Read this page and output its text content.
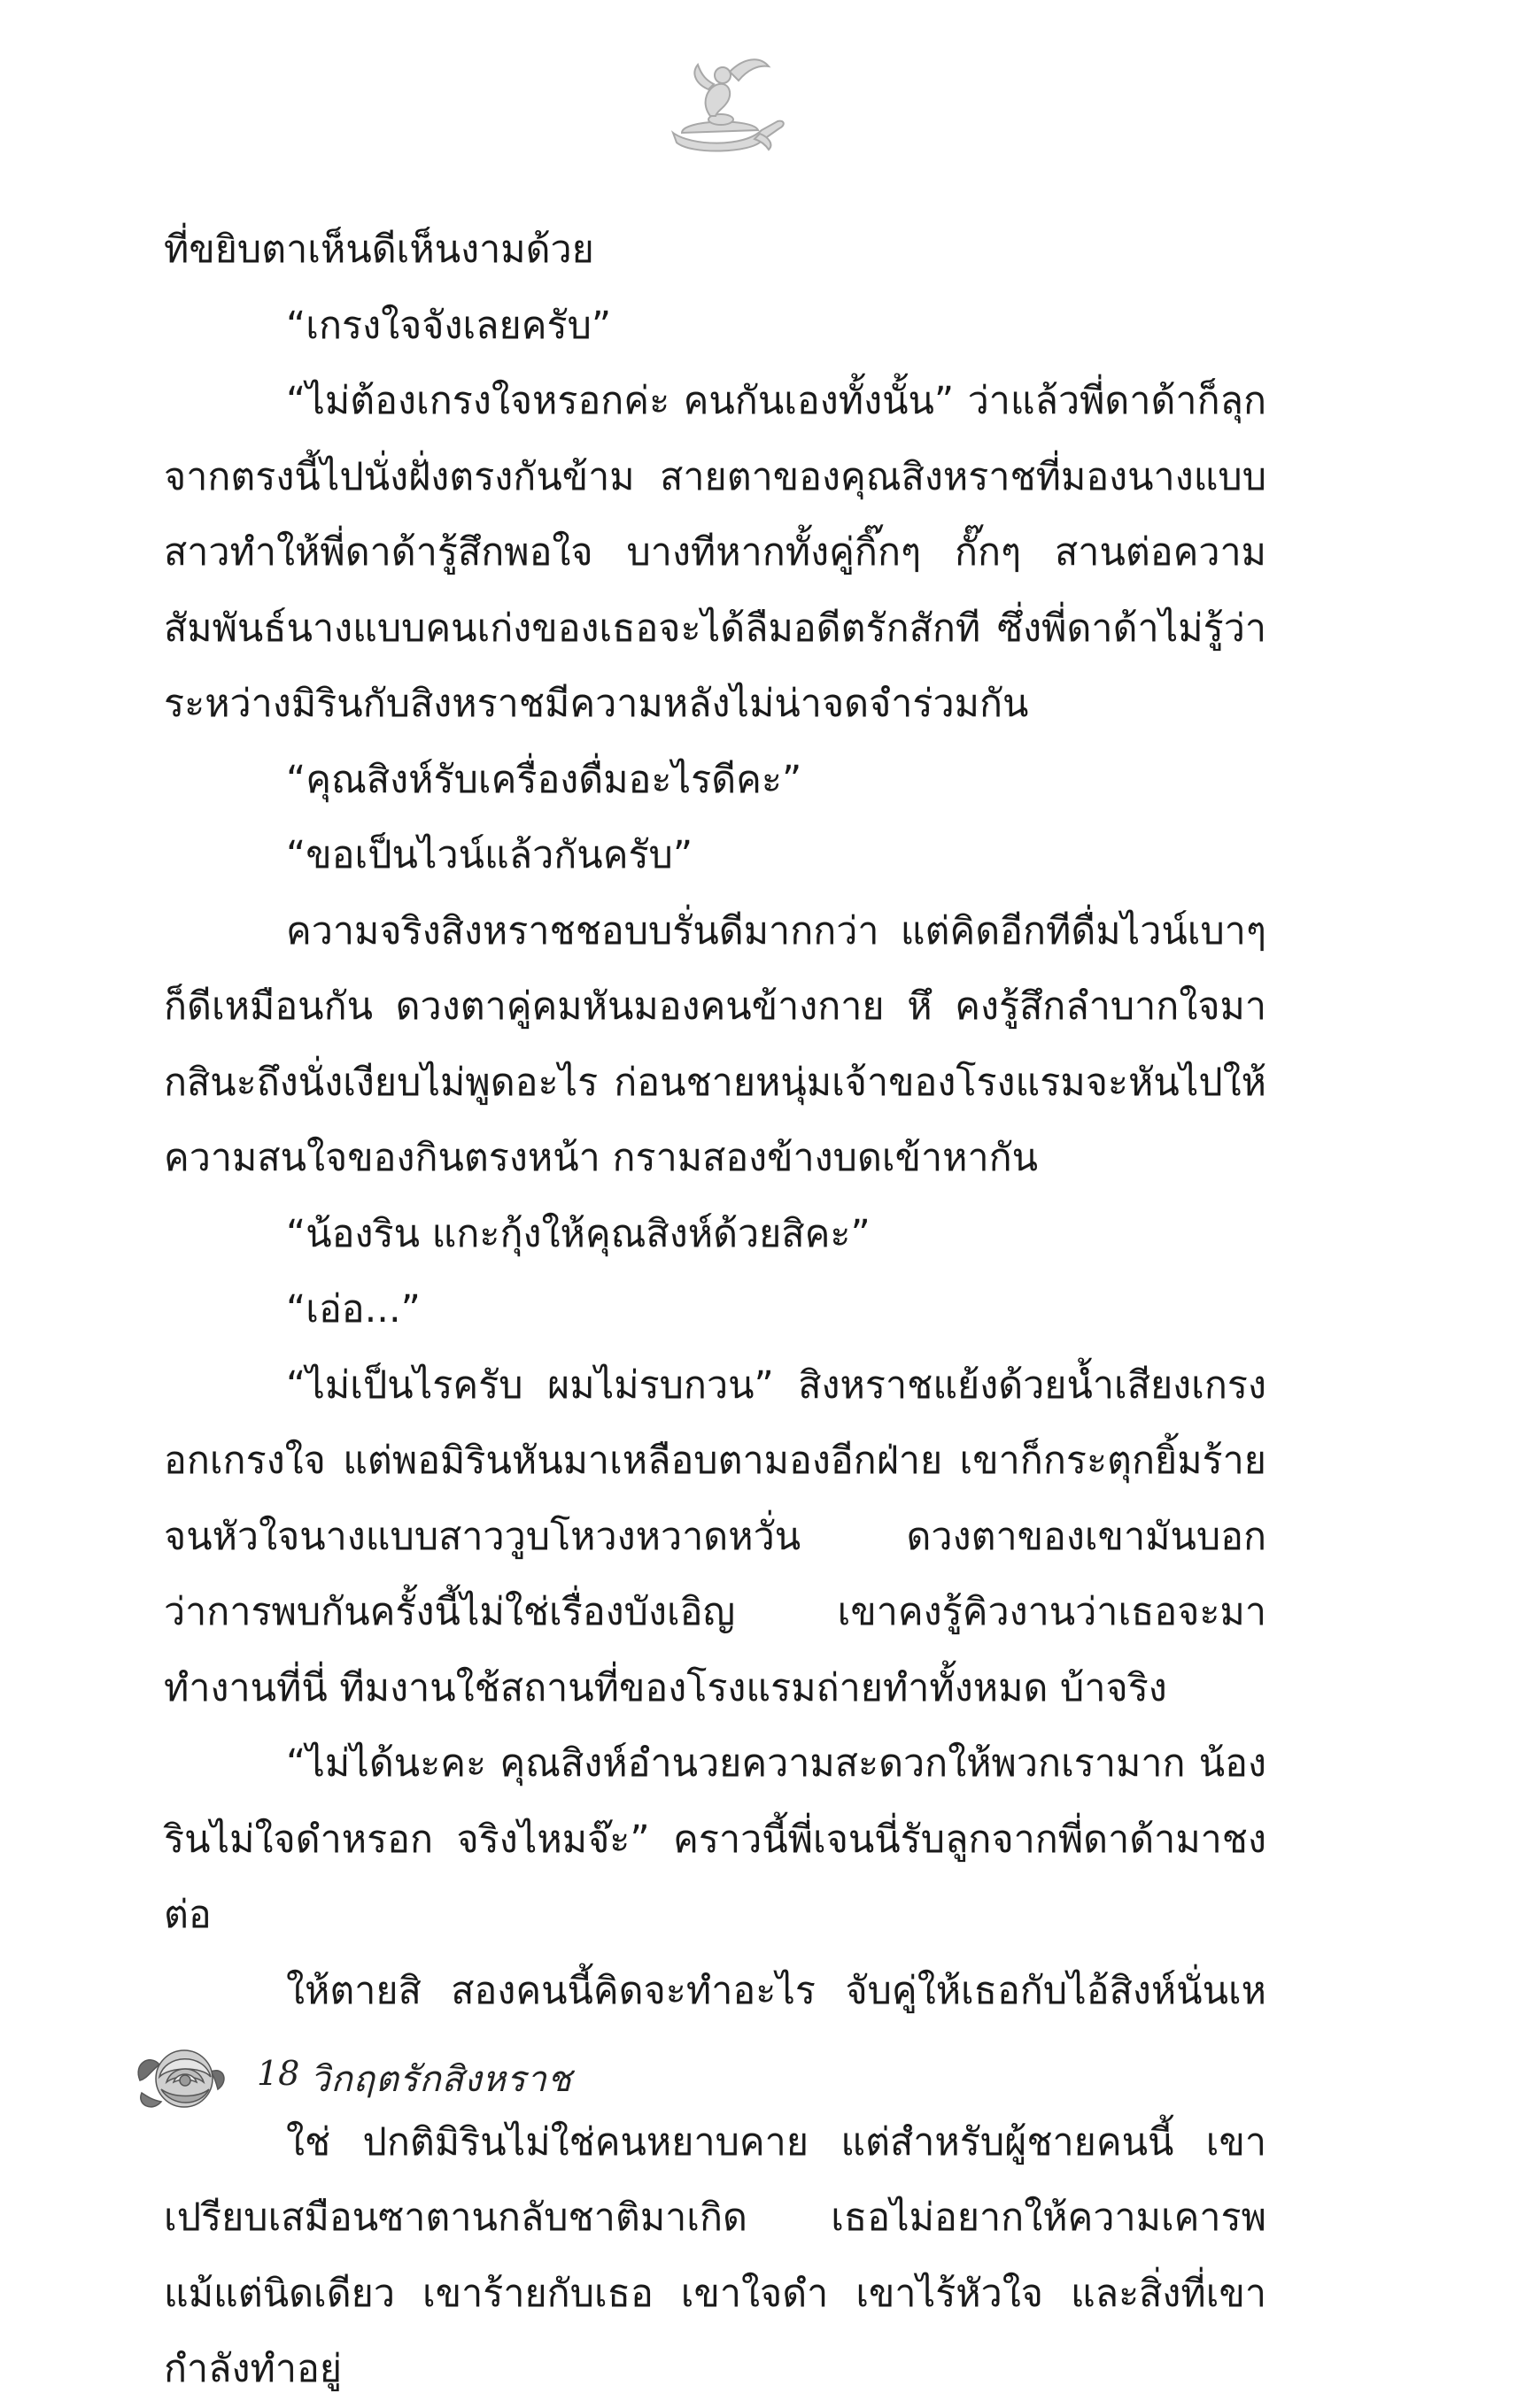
ที่ขยิบตาเห็นดีเห็นงามด้วย

“เกรงใจจังเลยครับ”

“ไม่ต้องเกรงใจหรอกค่ะ คนกันเองทั้งนั้น” ว่าแล้วพี่ดาด้าก็ลุกจากตรงนี้ไปนั่งฝั่งตรงกันข้าม สายตาของคุณสิงหราชที่มองนางแบบสาวทำให้พี่ดาด้ารู้สึกพอใจ บางทีหากทั้งคู่กิ๊กๆ กั๊กๆ สานต่อความสัมพันธ์นางแบบคนเก่งของเธอจะได้ลืมอดีตรักสักที ซึ่งพี่ดาด้าไม่รู้ว่าระหว่างมิรินกับสิงหราชมีความหลังไม่น่าจดจำร่วมกัน

“คุณสิงห์รับเครื่องดื่มอะไรดีคะ”

“ขอเป็นไวน์แล้วกันครับ”

ความจริงสิงหราชชอบบรั่นดีมากกว่า แต่คิดอีกทีดื่มไวน์เบาๆ ก็ดีเหมือนกัน ดวงตาคู่คมหันมองคนข้างกาย หึ คงรู้สึกลำบากใจมากสินะถึงนั่งเงียบไม่พูดอะไร ก่อนชายหนุ่มเจ้าของโรงแรมจะหันไปให้ความสนใจของกินตรงหน้า กรามสองข้างบดเข้าหากัน

“น้องริน แกะกุ้งให้คุณสิงห์ด้วยสิคะ”

“เอ่อ...”

“ไม่เป็นไรครับ ผมไม่รบกวน” สิงหราชแย้งด้วยน้ำเสียงเกรงอกเกรงใจ แต่พอมิรินหันมาเหลือบตามองอีกฝ่าย เขาก็กระตุกยิ้มร้ายจนหัวใจนางแบบสาววูบโหวงหวาดหวั่น ดวงตาของเขามันบอกว่าการพบกันครั้งนี้ไม่ใช่เรื่องบังเอิญ เขาคงรู้คิวงานว่าเธอจะมาทำงานที่นี่ ทีมงานใช้สถานที่ของโรงแรมถ่ายทำทั้งหมด บ้าจริง

“ไม่ได้นะคะ คุณสิงห์อำนวยความสะดวกให้พวกเรามาก น้องรินไม่ใจดำหรอก จริงไหมจ๊ะ” คราวนี้พี่เจนนี่รับลูกจากพี่ดาด้ามาชงต่อ

ให้ตายสิ สองคนนี้คิดจะทำอะไร จับคู่ให้เธอกับไอ้สิงห์นั่นเห

ใช่ ปกติมิรินไม่ใช่คนหยาบคาย แต่สำหรับผู้ชายคนนี้ เขาเปรียบเสมือนซาตานกลับชาติมาเกิด เธอไม่อยากให้ความเคารพแม้แต่นิดเดียว เขาร้ายกับเธอ เขาใจดำ เขาไร้หัวใจ และสิ่งที่เขากำลังทำอยู่

18 วิกฤตรักสิงหราช
